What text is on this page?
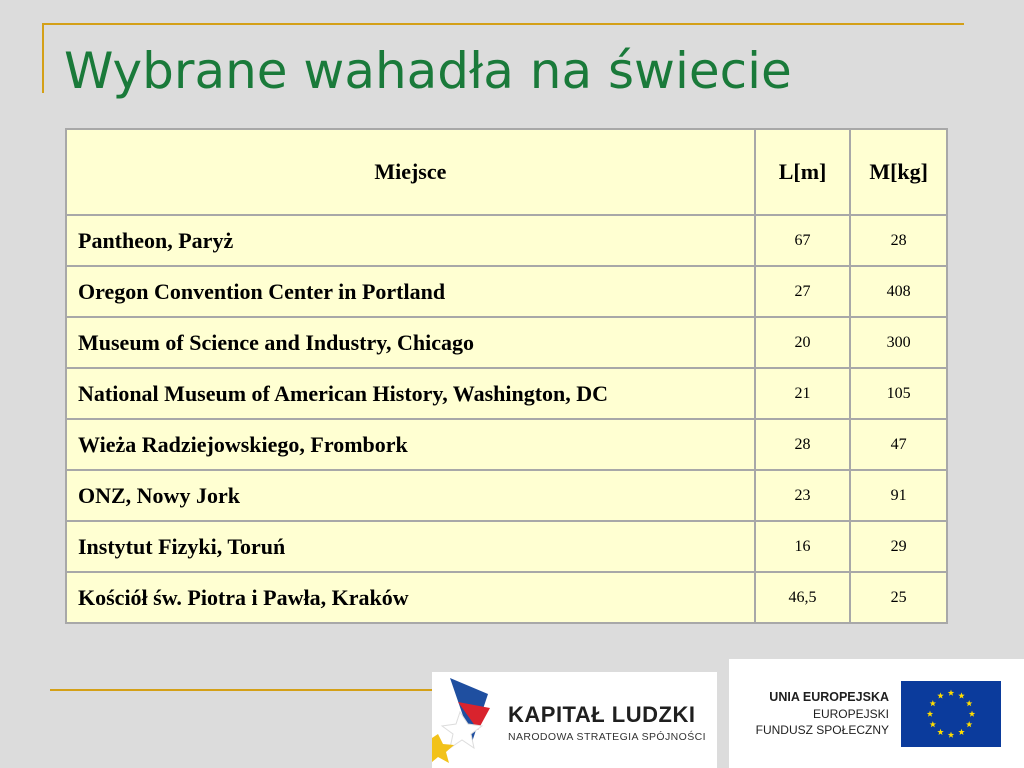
Wybrane wahadła na świecie
Miejsce	L[m]	M[kg]
Pantheon, Paryż	67	28
Oregon Convention Center in Portland	27	408
Museum of Science and Industry, Chicago	20	300
National Museum of American History, Washington, DC	21	105
Wieża Radziejowskiego, Frombork	28	47
ONZ, Nowy Jork	23	91
Instytut Fizyki, Toruń	16	29
Kościół św. Piotra i Pawła, Kraków	46,5	25
KAPITAŁ LUDZKI
NARODOWA STRATEGIA SPÓJNOŚCI
UNIA EUROPEJSKA
EUROPEJSKI
FUNDUSZ SPOŁECZNY
